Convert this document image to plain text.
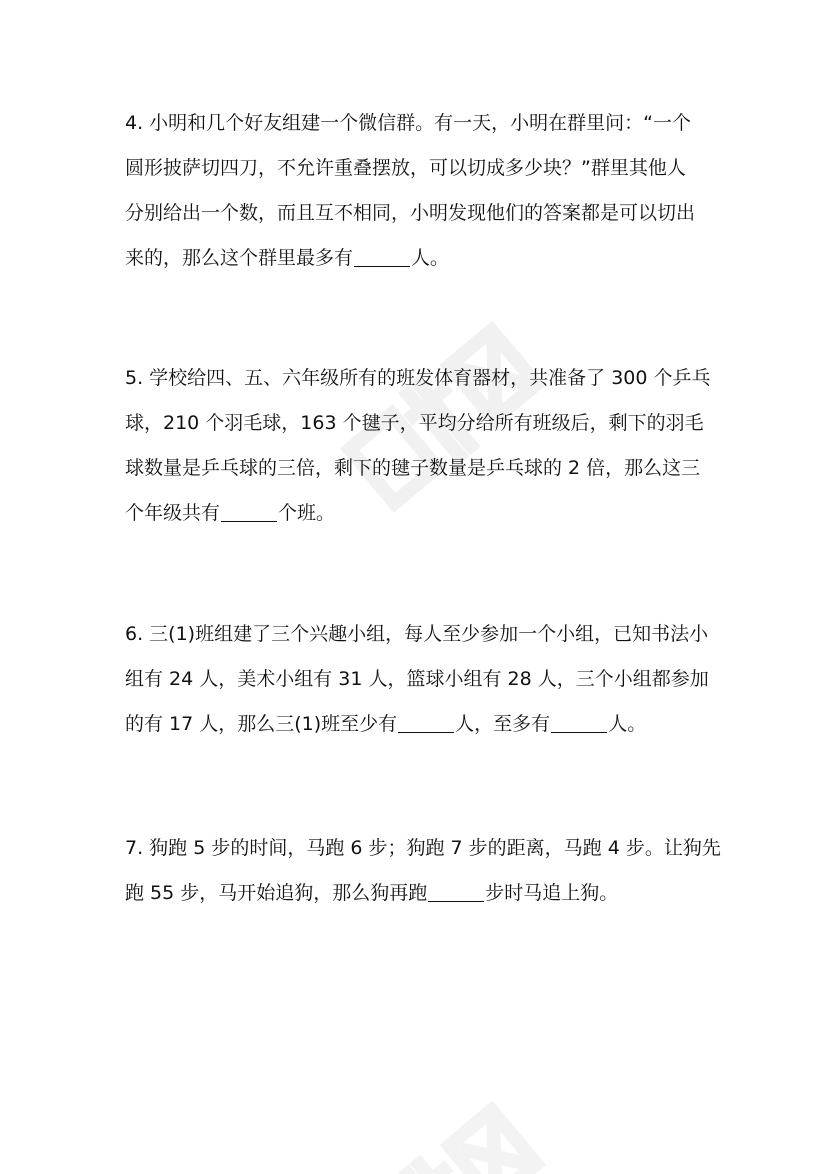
4. 小明和几个好友组建一个微信群。有一天，小明在群里问：“一个
圆形披萨切四刀，不允许重叠摆放，可以切成多少块？”群里其他人
分别给出一个数，而且互不相同，小明发现他们的答案都是可以切出
来的，那么这个群里最多有	人。
5. 学校给四、五、六年级所有的班发体育器材，共准备了 300 个乒乓
球，210 个羽毛球，163 个毽子，平均分给所有班级后，剩下的羽毛
球数量是乒乓球的三倍，剩下的毽子数量是乒乓球的 2 倍，那么这三
个年级共有	个班。
6. 三(1)班组建了三个兴趣小组，每人至少参加一个小组，已知书法小
组有 24 人，美术小组有 31 人，篮球小组有 28 人，三个小组都参加
的有 17 人，那么三(1)班至少有	人，至多有	人。
7. 狗跑 5 步的时间，马跑 6 步；狗跑 7 步的距离，马跑 4 步。让狗先
跑 55 步，马开始追狗，那么狗再跑	步时马追上狗。
